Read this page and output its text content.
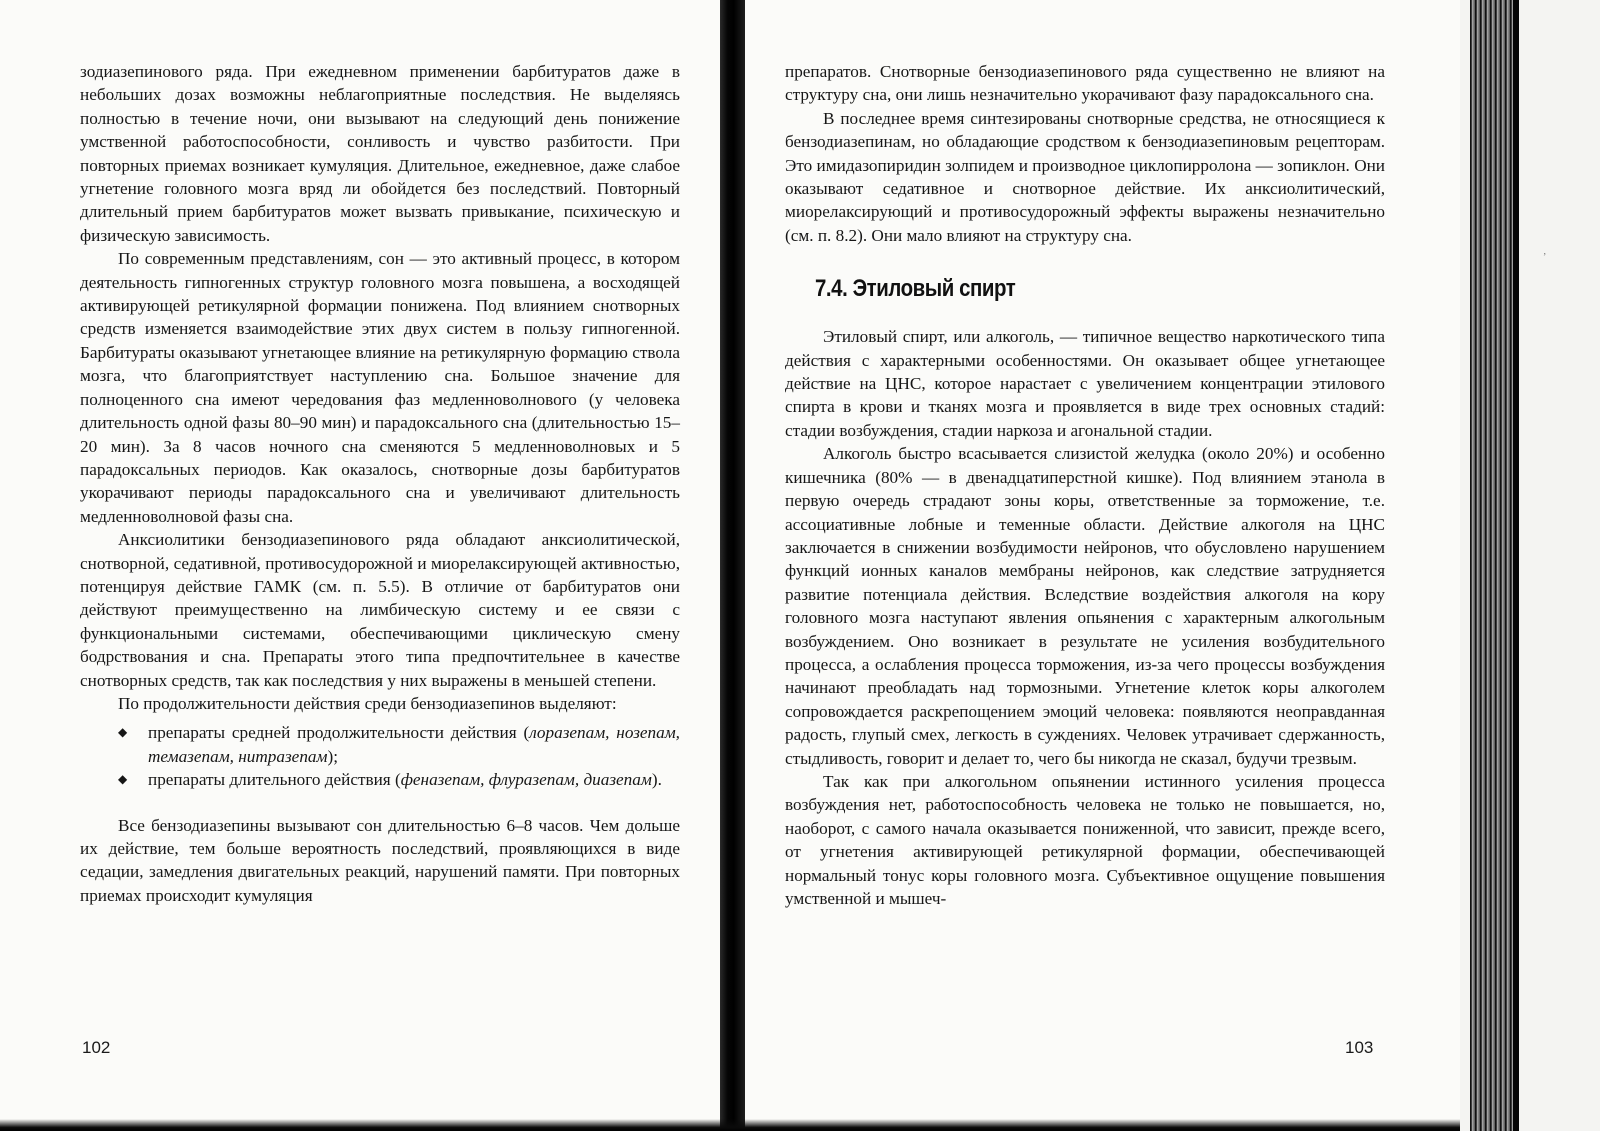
зодиазепинового ряда. При ежедневном применении барбитуратов даже в небольших дозах возможны неблагоприятные последствия. Не выделяясь полностью в течение ночи, они вызывают на следующий день понижение умственной работоспособности, сонливость и чувство разбитости. При повторных приемах возникает кумуляция. Длительное, ежедневное, даже слабое угнетение головного мозга вряд ли обойдется без последствий. Повторный длительный прием барбитуратов может вызвать привыкание, психическую и физическую зависимость.

По современным представлениям, сон — это активный процесс, в котором деятельность гипногенных структур головного мозга повышена, а восходящей активирующей ретикулярной формации понижена. Под влиянием снотворных средств изменяется взаимодействие этих двух систем в пользу гипногенной. Барбитураты оказывают угнетающее влияние на ретикулярную формацию ствола мозга, что благоприятствует наступлению сна. Большое значение для полноценного сна имеют чередования фаз медленноволнового (у человека длительность одной фазы 80–90 мин) и парадоксального сна (длительностью 15–20 мин). За 8 часов ночного сна сменяются 5 медленноволновых и 5 парадоксальных периодов. Как оказалось, снотворные дозы барбитуратов укорачивают периоды парадоксального сна и увеличивают длительность медленноволновой фазы сна.

Анксиолитики бензодиазепинового ряда обладают анксиолитической, снотворной, седативной, противосудорожной и миорелаксирующей активностью, потенцируя действие ГАМК (см. п. 5.5). В отличие от барбитуратов они действуют преимущественно на лимбическую систему и ее связи с функциональными системами, обеспечивающими циклическую смену бодрствования и сна. Препараты этого типа предпочтительнее в качестве снотворных средств, так как последствия у них выражены в меньшей степени.

По продолжительности действия среди бензодиазепинов выделяют:

◆ препараты средней продолжительности действия (лоразепам, нозепам, темазепам, нитразепам);
◆ препараты длительного действия (феназепам, флуразепам, диазепам).

Все бензодиазепины вызывают сон длительностью 6–8 часов. Чем дольше их действие, тем больше вероятность последствий, проявляющихся в виде седации, замедления двигательных реакций, нарушений памяти. При повторных приемах происходит кумуляция

102

препаратов. Снотворные бензодиазепинового ряда существенно не влияют на структуру сна, они лишь незначительно укорачивают фазу парадоксального сна.

В последнее время синтезированы снотворные средства, не относящиеся к бензодиазепинам, но обладающие сродством к бензодиазепиновым рецепторам. Это имидазопиридин золпидем и производное циклопирролона — зопиклон. Они оказывают седативное и снотворное действие. Их анксиолитический, миорелаксирующий и противосудорожный эффекты выражены незначительно (см. п. 8.2). Они мало влияют на структуру сна.

7.4. Этиловый спирт

Этиловый спирт, или алкоголь, — типичное вещество наркотического типа действия с характерными особенностями. Он оказывает общее угнетающее действие на ЦНС, которое нарастает с увеличением концентрации этилового спирта в крови и тканях мозга и проявляется в виде трех основных стадий: стадии возбуждения, стадии наркоза и агональной стадии.

Алкоголь быстро всасывается слизистой желудка (около 20%) и особенно кишечника (80% — в двенадцатиперстной кишке). Под влиянием этанола в первую очередь страдают зоны коры, ответственные за торможение, т.е. ассоциативные лобные и теменные области. Действие алкоголя на ЦНС заключается в снижении возбудимости нейронов, что обусловлено нарушением функций ионных каналов мембраны нейронов, как следствие затрудняется развитие потенциала действия. Вследствие воздействия алкоголя на кору головного мозга наступают явления опьянения с характерным алкогольным возбуждением. Оно возникает в результате не усиления возбудительного процесса, а ослабления процесса торможения, из-за чего процессы возбуждения начинают преобладать над тормозными. Угнетение клеток коры алкоголем сопровождается раскрепощением эмоций человека: появляются неоправданная радость, глупый смех, легкость в суждениях. Человек утрачивает сдержанность, стыдливость, говорит и делает то, чего бы никогда не сказал, будучи трезвым.

Так как при алкогольном опьянении истинного усиления процесса возбуждения нет, работоспособность человека не только не повышается, но, наоборот, с самого начала оказывается пониженной, что зависит, прежде всего, от угнетения активирующей ретикулярной формации, обеспечивающей нормальный тонус коры головного мозга. Субъективное ощущение повышения умственной и мышеч-

103
’
